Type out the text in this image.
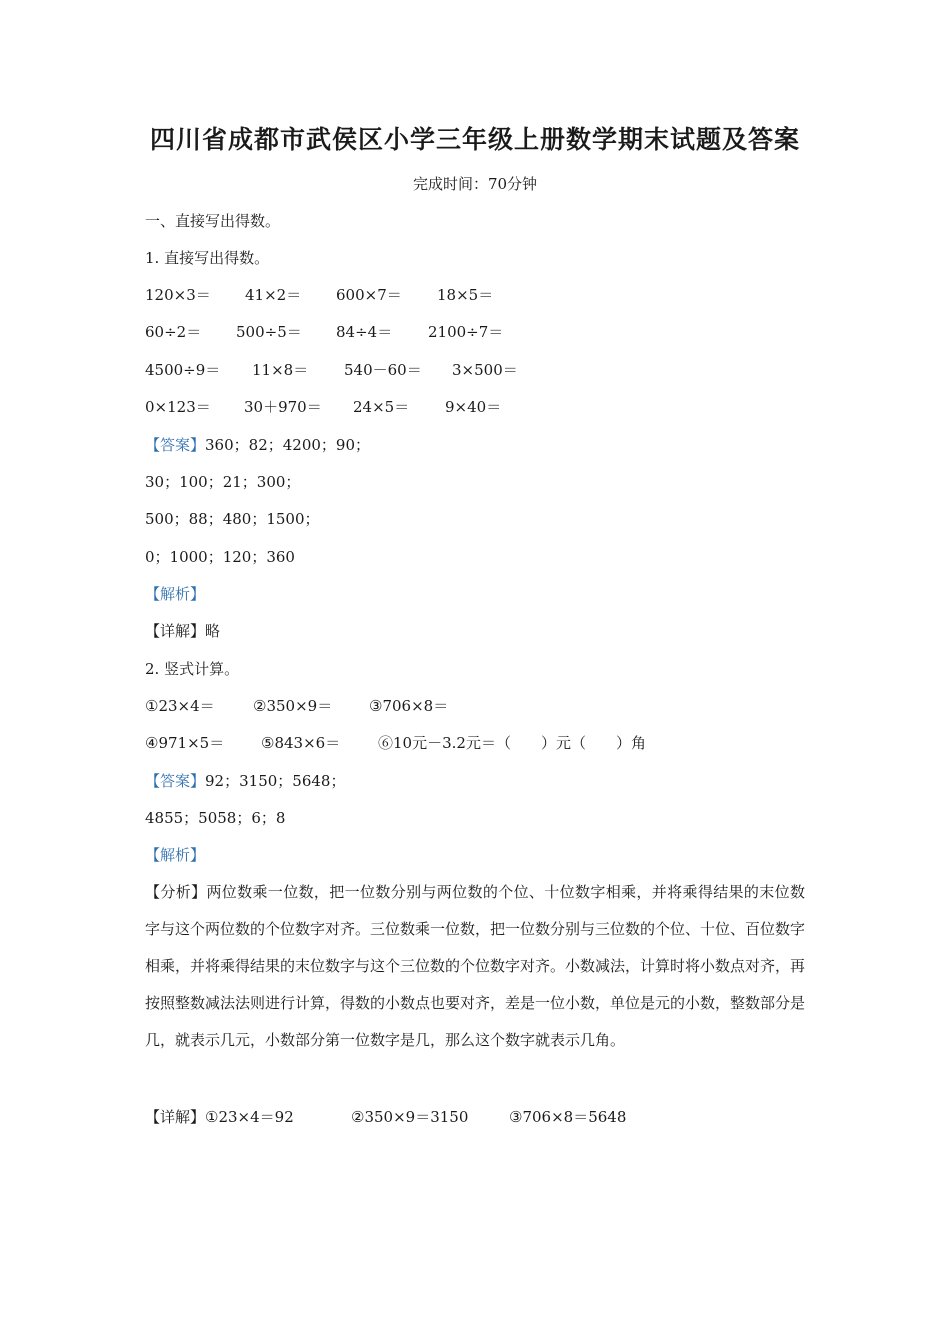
四川省成都市武侯区小学三年级上册数学期末试题及答案
完成时间：70分钟
一、直接写出得数。
1. 直接写出得数。
120×3＝ 41×2＝ 600×7＝ 18×5＝
60÷2＝ 500÷5＝ 84÷4＝ 2100÷7＝
4500÷9＝ 11×8＝ 540－60＝ 3×500＝
0×123＝ 30＋970＝ 24×5＝ 9×40＝
【答案】360；82；4200；90；
30；100；21；300；
500；88；480；1500；
0；1000；120；360
【解析】
【详解】略
2. 竖式计算。
①23×4＝	②350×9＝ ③706×8＝
④971×5＝ ⑤843×6＝	⑥10元－3.2元＝（　　）元（　　）角
【答案】92；3150；5648；
4855；5058；6；8
【解析】
【分析】两位数乘一位数，把一位数分别与两位数的个位、十位数字相乘，并将乘得结果的末位数字与这个两位数的个位数字对齐。三位数乘一位数，把一位数分别与三位数的个位、十位、百位数字相乘，并将乘得结果的末位数字与这个三位数的个位数字对齐。小数减法，计算时将小数点对齐，再按照整数减法法则进行计算，得数的小数点也要对齐，差是一位小数，单位是元的小数，整数部分是几，就表示几元，小数部分第一位数字是几，那么这个数字就表示几角。
【详解】①23×4＝92	②350×9＝3150	③706×8＝5648
